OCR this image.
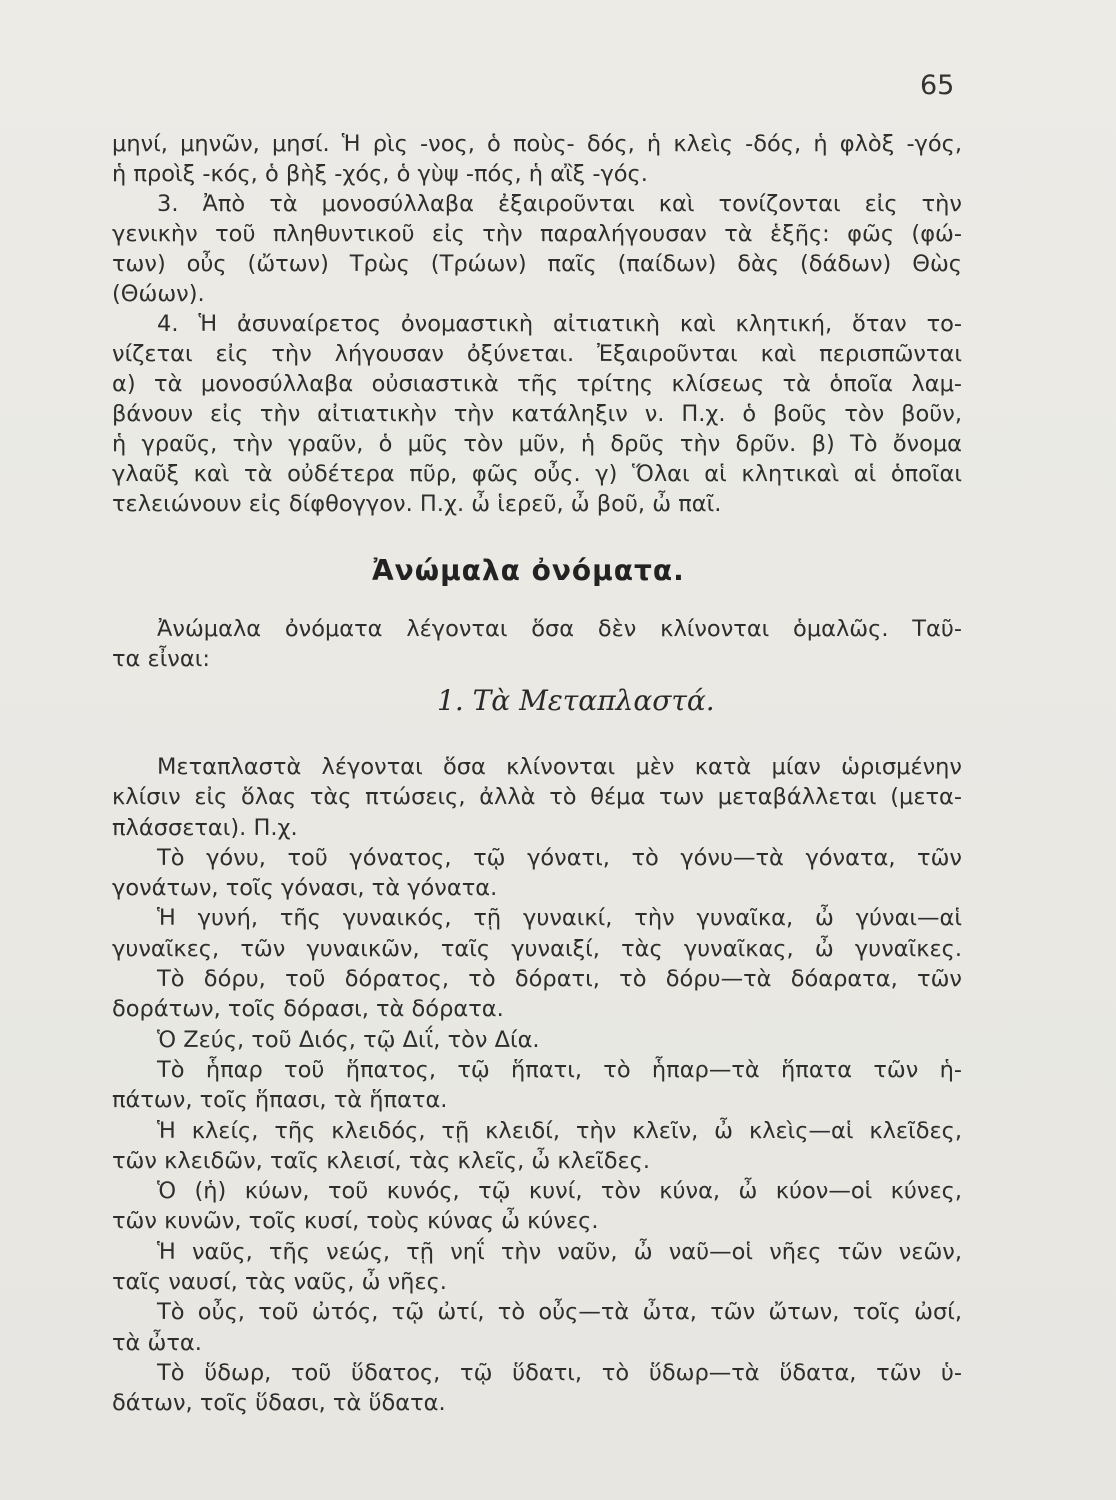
65
μηνί, μηνῶν, μησί. Ἡ ρὶς -νος, ὁ ποὺς- δός, ἡ κλεὶς -δός, ἡ φλὸξ -γός,
ἡ προὶξ -κός, ὁ βὴξ -χός, ὁ γὺψ -πός, ἡ αἲξ -γός.
3. Ἀπὸ τὰ μονοσύλλαβα ἐξαιροῦνται καὶ τονίζονται εἰς τὴν
γενικὴν τοῦ πληθυντικοῦ εἰς τὴν παραλήγουσαν τὰ ἑξῆς: φῶς (φώ-
των) οὖς (ὤτων) Τρὼς (Τρώων) παῖς (παίδων) δὰς (δάδων) Θὼς
(Θώων).
4. Ἡ ἀσυναίρετος ὀνομαστικὴ αἰτιατικὴ καὶ κλητική, ὅταν το-
νίζεται εἰς τὴν λήγουσαν ὀξύνεται. Ἐξαιροῦνται καὶ περισπῶνται
α) τὰ μονοσύλλαβα οὐσιαστικὰ τῆς τρίτης κλίσεως τὰ ὁποῖα λαμ-
βάνουν εἰς τὴν αἰτιατικὴν τὴν κατάληξιν ν. Π.χ. ὁ βοῦς τὸν βοῦν,
ἡ γραῦς, τὴν γραῦν, ὁ μῦς τὸν μῦν, ἡ δρῦς τὴν δρῦν. β) Τὸ ὄνομα
γλαῦξ καὶ τὰ οὐδέτερα πῦρ, φῶς οὖς. γ) Ὅλαι αἱ κλητικαὶ αἱ ὁποῖαι
τελειώνουν εἰς δίφθογγον. Π.χ. ὦ ἱερεῦ, ὦ βοῦ, ὦ παῖ.
Ἀνώμαλα ὀνόματα.
Ἀνώμαλα ὀνόματα λέγονται ὅσα δὲν κλίνονται ὁμαλῶς. Ταῦ-
τα εἶναι:
1. Τὰ Μεταπλαστά.
Μεταπλαστὰ λέγονται ὅσα κλίνονται μὲν κατὰ μίαν ὡρισμένην
κλίσιν εἰς ὅλας τὰς πτώσεις, ἀλλὰ τὸ θέμα των μεταβάλλεται (μετα-
πλάσσεται). Π.χ.
Τὸ γόνυ, τοῦ γόνατος, τῷ γόνατι, τὸ γόνυ—τὰ γόνατα, τῶν
γονάτων, τοῖς γόνασι, τὰ γόνατα.
Ἡ γυνή, τῆς γυναικός, τῇ γυναικί, τὴν γυναῖκα, ὦ γύναι—αἱ
γυναῖκες, τῶν γυναικῶν, ταῖς γυναιξί, τὰς γυναῖκας, ὦ γυναῖκες.
Τὸ δόρυ, τοῦ δόρατος, τὸ δόρατι, τὸ δόρυ—τὰ δόαρατα, τῶν
δοράτων, τοῖς δόρασι, τὰ δόρατα.
Ὁ Ζεύς, τοῦ Διός, τῷ Διΐ, τὸν Δία.
Τὸ ἧπαρ τοῦ ἥπατος, τῷ ἥπατι, τὸ ἧπαρ—τὰ ἥπατα τῶν ἡ-
πάτων, τοῖς ἥπασι, τὰ ἥπατα.
Ἡ κλείς, τῆς κλειδός, τῇ κλειδί, τὴν κλεῖν, ὦ κλεὶς—αἱ κλεῖδες,
τῶν κλειδῶν, ταῖς κλεισί, τὰς κλεῖς, ὦ κλεῖδες.
Ὁ (ἡ) κύων, τοῦ κυνός, τῷ κυνί, τὸν κύνα, ὦ κύον—οἱ κύνες,
τῶν κυνῶν, τοῖς κυσί, τοὺς κύνας ὦ κύνες.
Ἡ ναῦς, τῆς νεώς, τῇ νηΐ τὴν ναῦν, ὦ ναῦ—οἱ νῆες τῶν νεῶν,
ταῖς ναυσί, τὰς ναῦς, ὦ νῆες.
Τὸ οὖς, τοῦ ὠτός, τῷ ὠτί, τὸ οὖς—τὰ ὦτα, τῶν ὤτων, τοῖς ὠσί,
τὰ ὦτα.
Τὸ ὕδωρ, τοῦ ὕδατος, τῷ ὕδατι, τὸ ὕδωρ—τὰ ὕδατα, τῶν ὑ-
δάτων, τοῖς ὕδασι, τὰ ὕδατα.
